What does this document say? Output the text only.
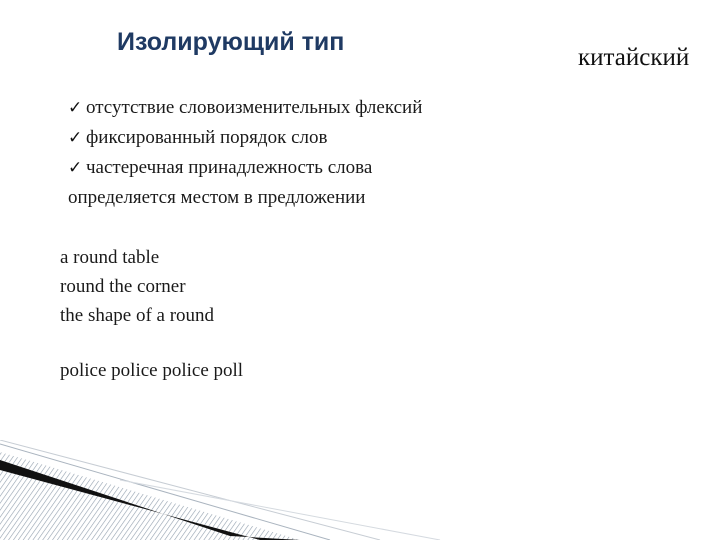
Изолирующий тип
китайский
✓ отсутствие словоизменительных флексий
✓ фиксированный порядок слов
✓ частеречная принадлежность слова
определяется местом в предложении
a round table
round the corner
the shape of a round
police police police poll
